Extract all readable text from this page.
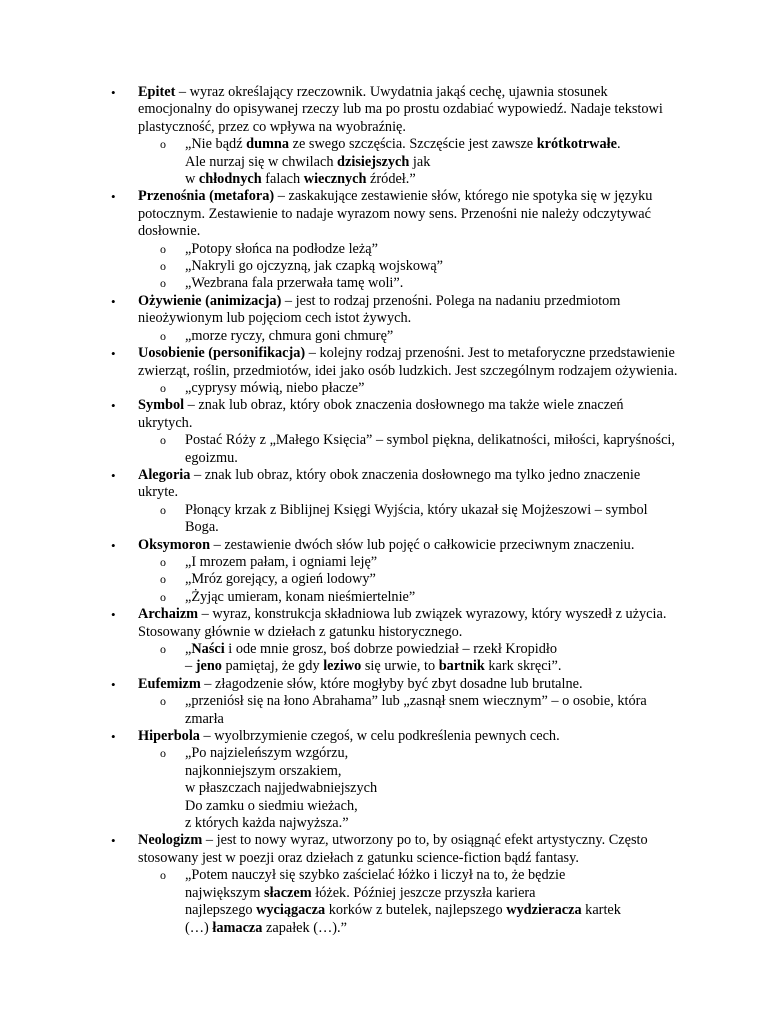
• Epitet – wyraz określający rzeczownik. Uwydatnia jakąś cechę, ujawnia stosunek emocjonalny do opisywanej rzeczy lub ma po prostu ozdabiać wypowiedź. Nadaje tekstowi plastyczność, przez co wpływa na wyobraźnię.
o „Nie bądź dumna ze swego szczęścia. Szczęście jest zawsze krótkotrwałe.
Ale nurzaj się w chwilach dzisiejszych jak
w chłodnych falach wiecznych źródeł.”
• Przenośnia (metafora) – zaskakujące zestawienie słów, którego nie spotyka się w języku potocznym. Zestawienie to nadaje wyrazom nowy sens. Przenośni nie należy odczytywać dosłownie.
o „Potopy słońca na podłodze leżą”
o „Nakryli go ojczyzną, jak czapką wojskową”
o „Wezbrana fala przerwała tamę woli”.
• Ożywienie (animizacja) – jest to rodzaj przenośni. Polega na nadaniu przedmiotom nieożywionym lub pojęciom cech istot żywych.
o „morze ryczy, chmura goni chmurę”
• Uosobienie (personifikacja) – kolejny rodzaj przenośni. Jest to metaforyczne przedstawienie zwierząt, roślin, przedmiotów, idei jako osób ludzkich. Jest szczególnym rodzajem ożywienia.
o „cyprysy mówią, niebo płacze”
• Symbol – znak lub obraz, który obok znaczenia dosłownego ma także wiele znaczeń ukrytych.
o Postać Róży z „Małego Księcia” – symbol piękna, delikatności, miłości, kapryśności, egoizmu.
• Alegoria – znak lub obraz, który obok znaczenia dosłownego ma tylko jedno znaczenie ukryte.
o Płonący krzak z Biblijnej Księgi Wyjścia, który ukazał się Mojżeszowi – symbol Boga.
• Oksymoron – zestawienie dwóch słów lub pojęć o całkowicie przeciwnym znaczeniu.
o „I mrozem pałam, i ogniami leję”
o „Mróz gorejący, a ogień lodowy”
o „Żyjąc umieram, konam nieśmiertelnie”
• Archaizm – wyraz, konstrukcja składniowa lub związek wyrazowy, który wyszedł z użycia. Stosowany głównie w dziełach z gatunku historycznego.
o „Naści i ode mnie grosz, boś dobrze powiedział – rzekł Kropidło
– jeno pamiętaj, że gdy leziwo się urwie, to bartnik kark skręci”.
• Eufemizm – złagodzenie słów, które mogłyby być zbyt dosadne lub brutalne.
o „przeniósł się na łono Abrahama” lub „zasnął snem wiecznym” – o osobie, która zmarła
• Hiperbola – wyolbrzymienie czegoś, w celu podkreślenia pewnych cech.
o „Po najzieleńszym wzgórzu,
najkonniejszym orszakiem,
w płaszczach najjedwabniejszych
Do zamku o siedmiu wieżach,
z których każda najwyższa.”
• Neologizm – jest to nowy wyraz, utworzony po to, by osiągnąć efekt artystyczny. Często stosowany jest w poezji oraz dziełach z gatunku science-fiction bądź fantasy.
o „Potem nauczył się szybko zaścielać łóżko i liczył na to, że będzie
największym słaczem łóżek. Później jeszcze przyszła kariera
najlepszego wyciągacza korków z butelek, najlepszego wydzieracza kartek
(…) łamacza zapałek (…).”
